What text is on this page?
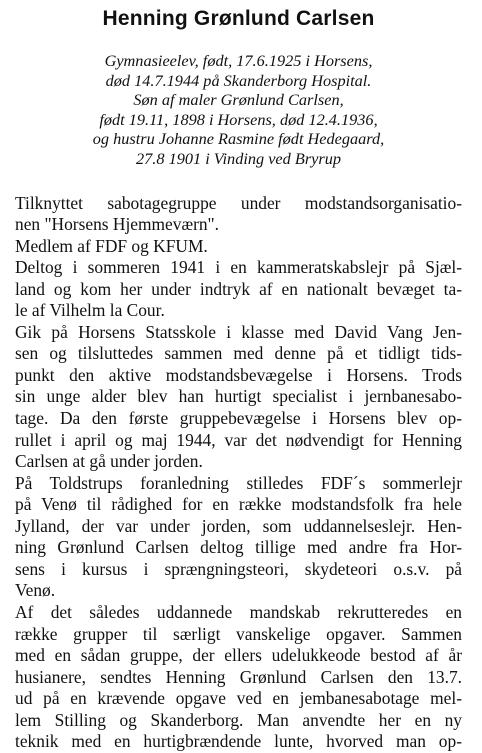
Henning Grønlund Carlsen
Gymnasieelev, født, 17.6.1925 i Horsens,
død 14.7.1944 på Skanderborg Hospital.
Søn af maler Grønlund Carlsen,
født 19.11, 1898 i Horsens, død 12.4.1936,
og hustru Johanne Rasmine født Hedegaard,
27.8 1901 i Vinding ved Bryrup
Tilknyttet sabotagegruppe under modstandsorganisatio-
nen "Horsens Hjemmeværn".
Medlem af FDF og KFUM.
Deltog i sommeren 1941 i en kammeratskabslejr på Sjæl-
land og kom her under indtryk af en nationalt bevæget ta-
le af Vilhelm la Cour.
Gik på Horsens Statsskole i klasse med David Vang Jen-
sen og tilsluttedes sammen med denne på et tidligt tids-
punkt den aktive modstandsbevægelse i Horsens. Trods
sin unge alder blev han hurtigt specialist i jernbanesabo-
tage. Da den første gruppebevægelse i Horsens blev op-
rullet i april og maj 1944, var det nødvendigt for Henning
Carlsen at gå under jorden.
På Toldstrups foranledning stilledes FDF´s sommerlejr
på Venø til rådighed for en række modstandsfolk fra hele
Jylland, der var under jorden, som uddannelseslejr. Hen-
ning Grønlund Carlsen deltog tillige med andre fra Hor-
sens i kursus i sprængningsteori, skydeteori o.s.v. på
Venø.
Af det således uddannede mandskab rekrutteredes en
række grupper til særligt vanskelige opgaver. Sammen
med en sådan gruppe, der ellers udelukkeode bestod af år
husianere, sendtes Henning Grønlund Carlsen den 13.7.
ud på en krævende opgave ved en jembanesabotage mel-
lem Stilling og Skanderborg. Man anvendte her en ny
teknik med en hurtigbrændende lunte, hvorved man op-
